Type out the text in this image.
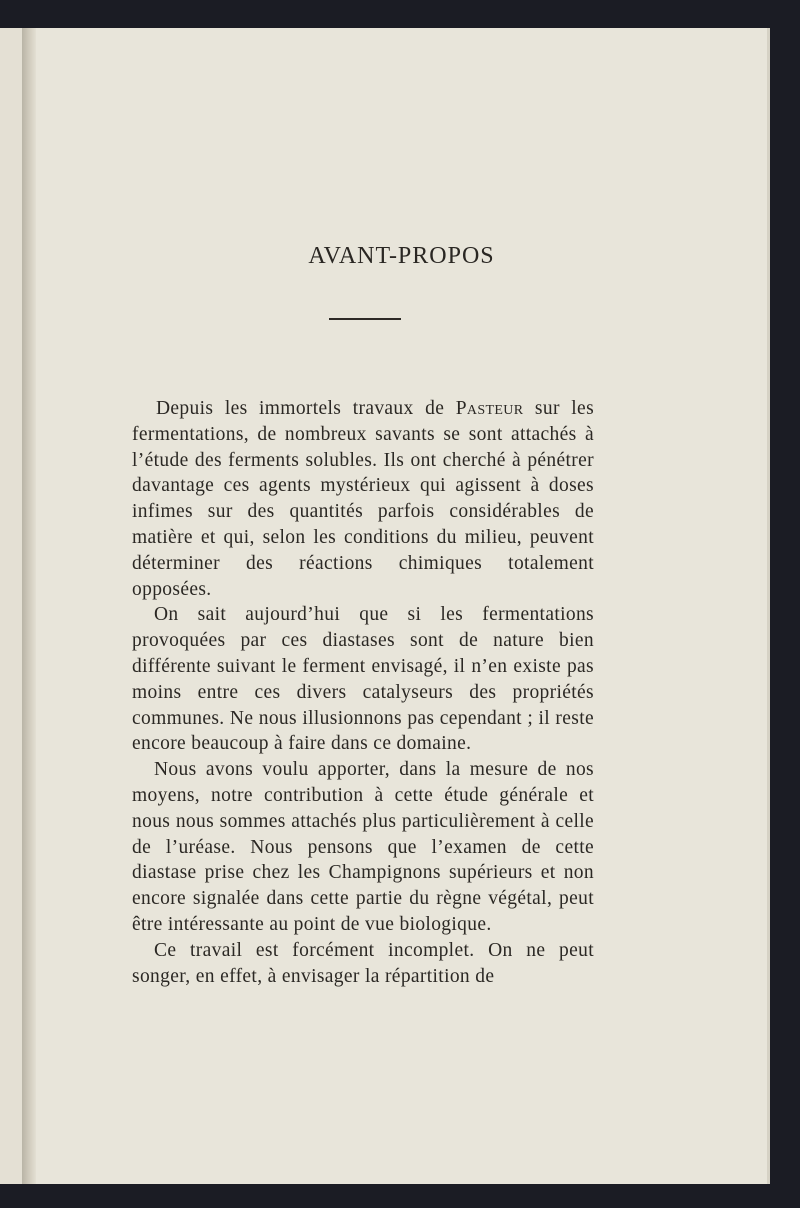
AVANT-PROPOS

Depuis les immortels travaux de Pasteur sur les fermentations, de nombreux savants se sont attachés à l’étude des ferments solubles. Ils ont cherché à pénétrer davantage ces agents mystérieux qui agissent à doses infimes sur des quantités parfois considérables de matière et qui, selon les conditions du milieu, peuvent déterminer des réactions chimiques totalement opposées.

On sait aujourd’hui que si les fermentations provoquées par ces diastases sont de nature bien différente suivant le ferment envisagé, il n’en existe pas moins entre ces divers catalyseurs des propriétés communes. Ne nous illusionnons pas cependant ; il reste encore beaucoup à faire dans ce domaine.

Nous avons voulu apporter, dans la mesure de nos moyens, notre contribution à cette étude générale et nous nous sommes attachés plus particulièrement à celle de l’uréase. Nous pensons que l’examen de cette diastase prise chez les Champignons supérieurs et non encore signalée dans cette partie du règne végétal, peut être intéressante au point de vue biologique.

Ce travail est forcément incomplet. On ne peut songer, en effet, à envisager la répartition de
